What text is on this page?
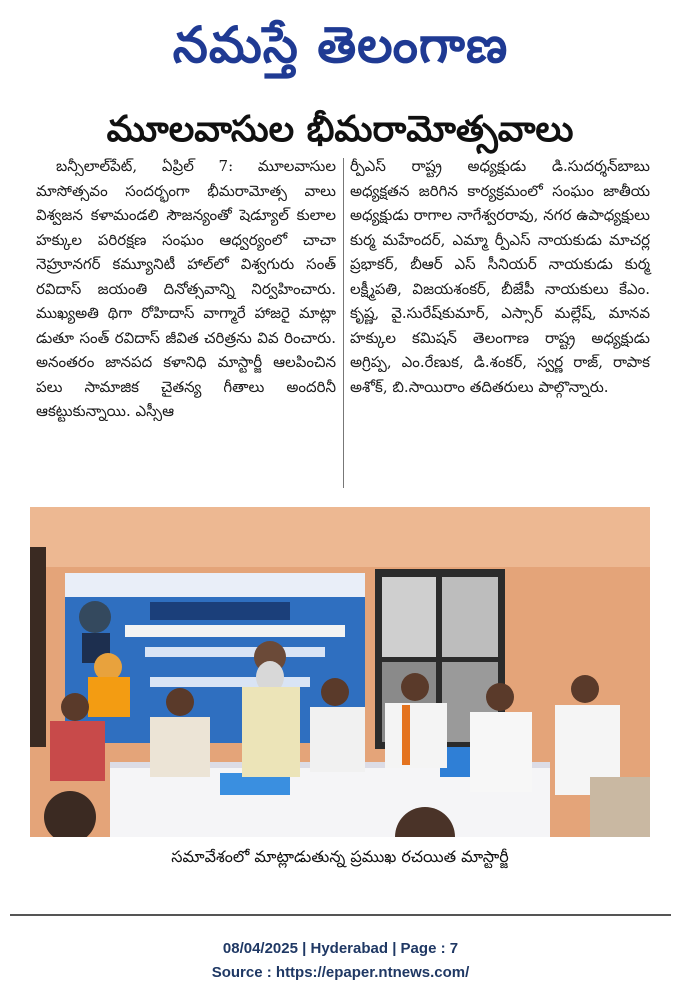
నమస్తే తెలంగాణ
మూలవాసుల భీమరామోత్సవాలు
బన్సీలాల్‌పేట్, ఏప్రిల్ 7: మూలవాసుల మాసోత్సవం సందర్భంగా భీమరామోత్స వాలు విశ్వజన కళామండలి సౌజన్యంతో షెడ్యూల్ కులాల హక్కుల పరిరక్షణ సంఘం ఆధ్వర్యంలో చాచా నెహ్రూనగర్ కమ్యూనిటీ హాల్‌లో విశ్వగురు సంత్ రవిదాస్ జయంతి దినోత్సవాన్ని నిర్వహించారు. ముఖ్యఅతి థిగా రోహిదాస్ వాగ్మారే హాజరై మాట్లా డుతూ సంత్ రవిదాస్ జీవిత చరిత్రను వివ రించారు. అనంతరం జానపద కళానిధి మాస్టార్జీ ఆలపించిన పలు సామాజిక చైతన్య గీతాలు అందరినీ ఆకట్టుకున్నాయి. ఎస్సీఆ
ర్పీఎస్ రాష్ట్ర అధ్యక్షుడు డి.సుదర్శన్‌బాబు అధ్యక్షతన జరిగిన కార్యక్రమంలో సంఘం జాతీయ అధ్యక్షుడు రాగాల నాగేశ్వరరావు, నగర ఉపాధ్యక్షులు కుర్మ మహేందర్, ఎమ్మా ర్పీఎస్ నాయకుడు మాచర్ల ప్రభాకర్, బీఆర్ ఎస్ సీనియర్ నాయకుడు కుర్మ లక్ష్మీపతి, విజయశంకర్, బీజేపీ నాయకులు కేఎం. కృష్ణ, వై.సురేష్‌కుమార్, ఎస్సార్ మల్లేష్, మానవ హక్కుల కమిషన్ తెలంగాణ రాష్ట్ర అధ్యక్షుడు అగ్రిప్ప, ఎం.రేణుక, డి.శంకర్, స్వర్ణ రాజ్, రాపాక అశోక్, బి.సాయిరాం తదితరులు పాల్గొన్నారు.
సమావేశంలో మాట్లాడుతున్న ప్రముఖ రచయిత మాస్టార్జీ
08/04/2025 | Hyderabad | Page : 7
Source : https://epaper.ntnews.com/
